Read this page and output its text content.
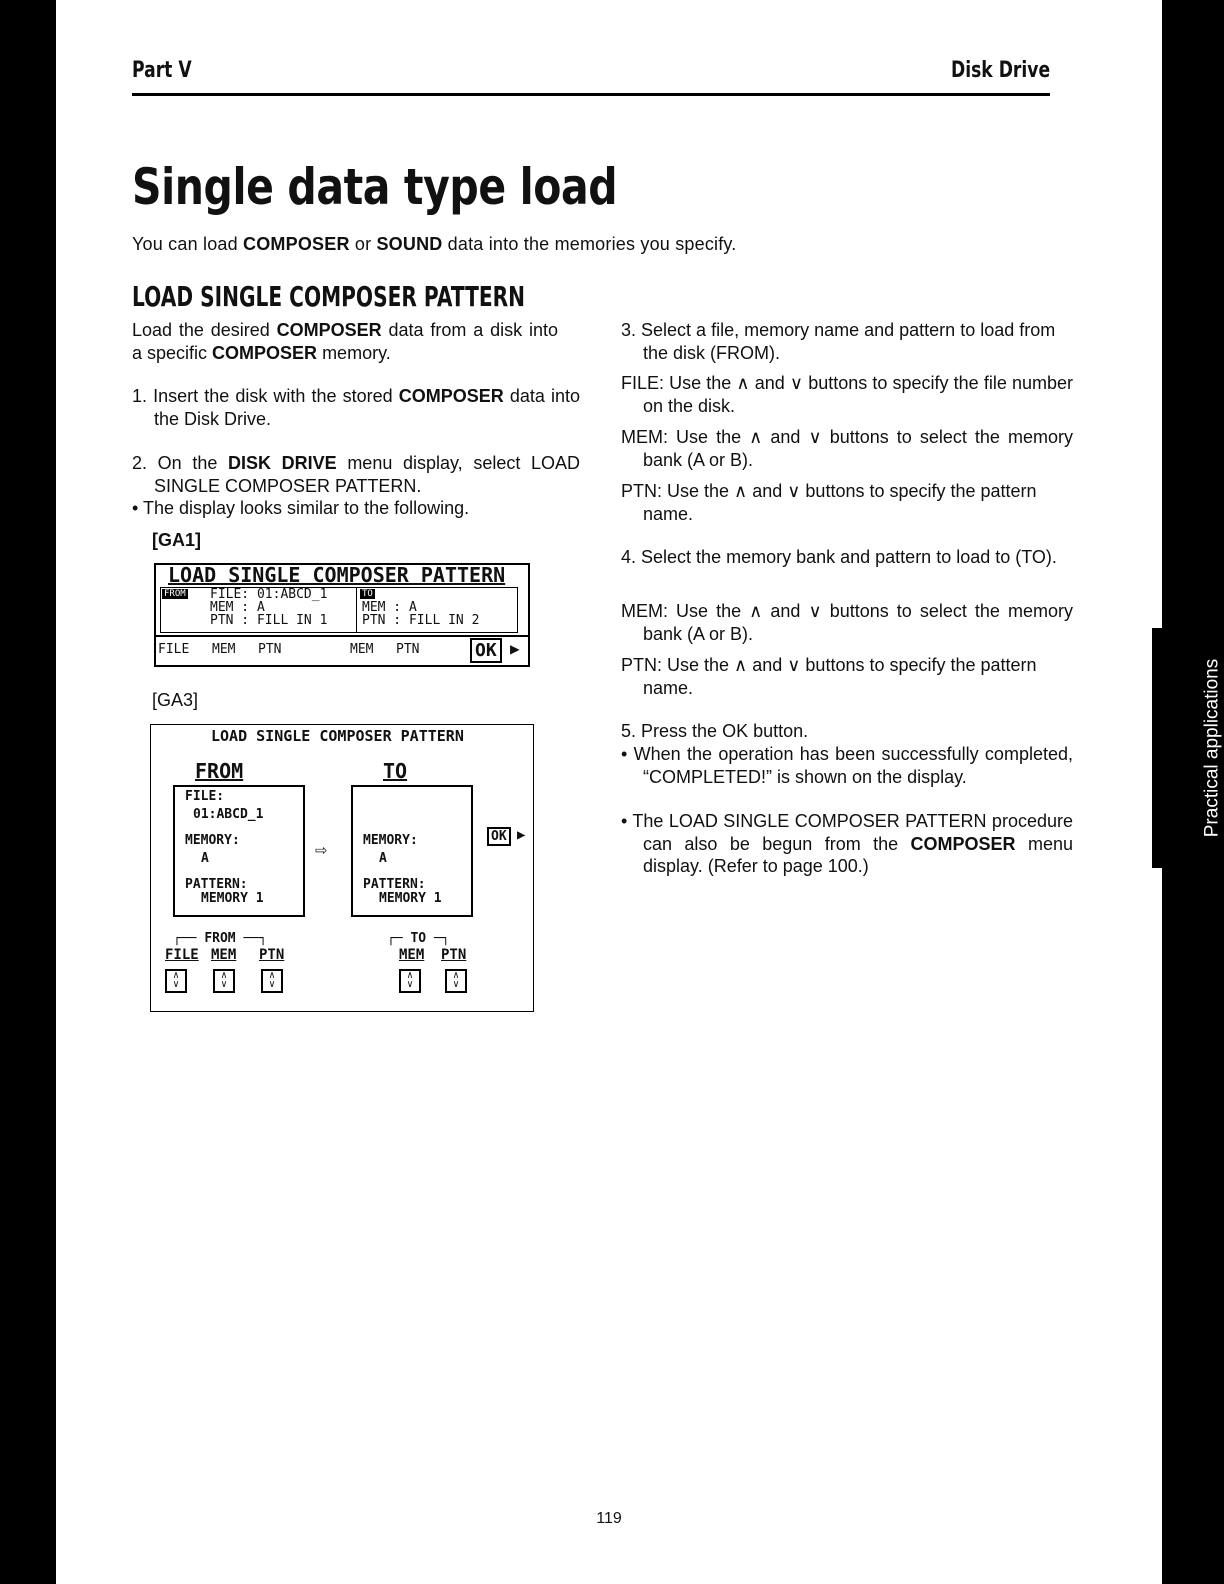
Part V	Disk Drive
Single data type load
You can load COMPOSER or SOUND data into the memories you specify.
LOAD SINGLE COMPOSER PATTERN
Load the desired COMPOSER data from a disk into a specific COMPOSER memory.
1. Insert the disk with the stored COMPOSER data into the Disk Drive.
2. On the DISK DRIVE menu display, select LOAD SINGLE COMPOSER PATTERN.
• The display looks similar to the following.
[GA1]
LOAD SINGLE COMPOSER PATTERN
FROM FILE: 01:ABCD_1
MEM : A
PTN : FILL IN 1
TO
MEM : A
PTN : FILL IN 2
FILE MEM PTN	MEM PTN	OK ▶
[GA3]
LOAD SINGLE COMPOSER PATTERN
FROM	TO
FILE:
01:ABCD_1
MEMORY:
A
PATTERN:
MEMORY 1
⇨	MEMORY:
A
PATTERN:
MEMORY 1
OK ▶
┌── FROM ──┐	┌─ TO ─┐
FILE MEM PTN	MEM PTN
∧
∨
∧
∨
∧
∨
∧
∨
∧
∨
3. Select a file, memory name and pattern to load from the disk (FROM).
FILE: Use the ∧ and ∨ buttons to specify the file number on the disk.
MEM: Use the ∧ and ∨ buttons to select the memory bank (A or B).
PTN: Use the ∧ and ∨ buttons to specify the pattern name.
4. Select the memory bank and pattern to load to (TO).
MEM: Use the ∧ and ∨ buttons to select the memory bank (A or B).
PTN: Use the ∧ and ∨ buttons to specify the pattern name.
5. Press the OK button.
• When the operation has been successfully completed, “COMPLETED!” is shown on the display.
• The LOAD SINGLE COMPOSER PATTERN procedure can also be begun from the COMPOSER menu display. (Refer to page 100.)
119
Practical applications
